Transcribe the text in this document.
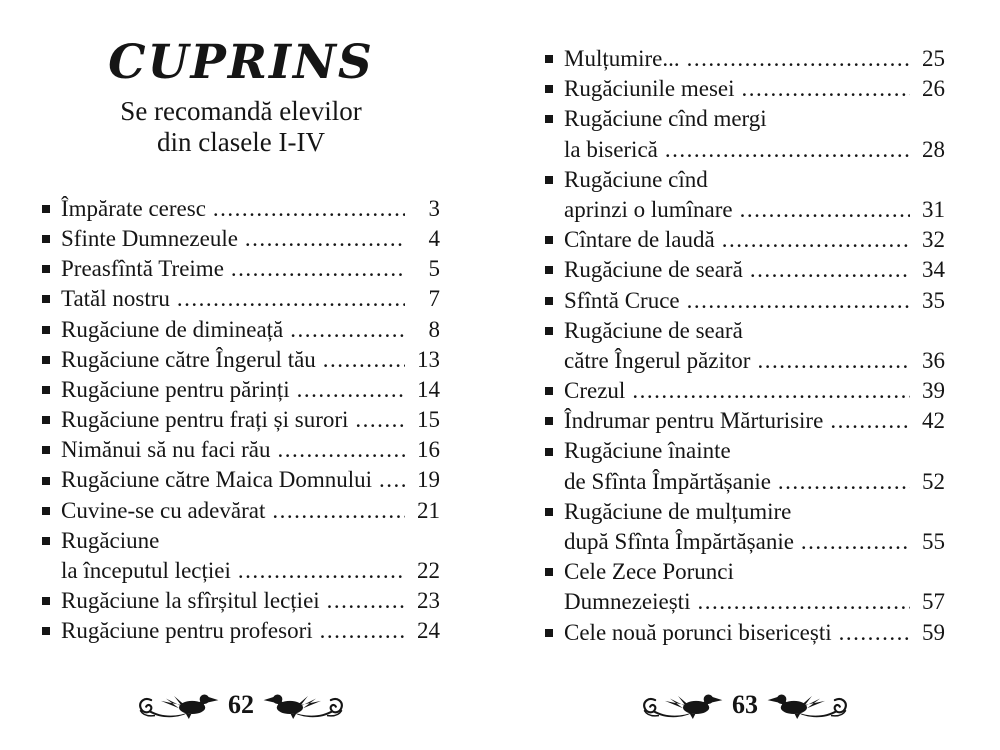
CUPRINS
Se recomandă elevilor
din clasele I-IV
Împărate ceresc .....	3
Sfinte Dumnezeule .....	4
Preasfîntă Treime .....	5
Tatăl nostru .....	7
Rugăciune de dimineață .....	8
Rugăciune către Îngerul tău .....	13
Rugăciune pentru părinți .....	14
Rugăciune pentru frați și surori .....	15
Nimănui să nu faci rău .....	16
Rugăciune către Maica Domnului .....	19
Cuvine-se cu adevărat .....	21
Rugăciune
la începutul lecției .....	22
Rugăciune la sfîrșitul lecției .....	23
Rugăciune pentru profesori .....	24
62
Mulțumire... .....	25
Rugăciunile mesei .....	26
Rugăciune cînd mergi
la biserică .....	28
Rugăciune cînd
aprinzi o lumînare .....	31
Cîntare de laudă .....	32
Rugăciune de seară .....	34
Sfîntă Cruce .....	35
Rugăciune de seară
către Îngerul păzitor .....	36
Crezul .....	39
Îndrumar pentru Mărturisire .....	42
Rugăciune înainte
de Sfînta Împărtășanie .....	52
Rugăciune de mulțumire
după Sfînta Împărtășanie .....	55
Cele Zece Porunci
Dumnezeiești .....	57
Cele nouă porunci bisericești .....	59
63
